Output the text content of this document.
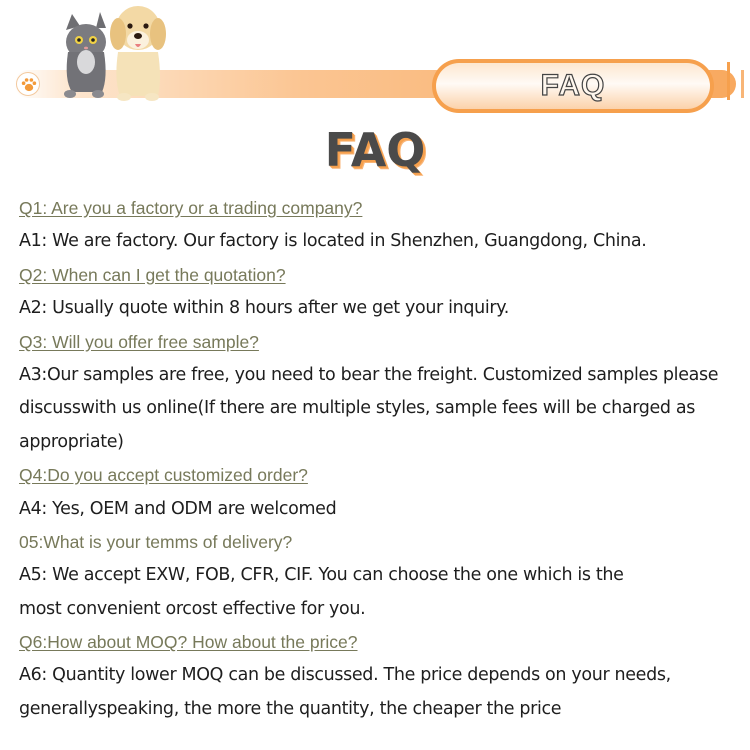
FAQ
FAQ
Q1: Are you a factory or a trading company?
A1: We are factory. Our factory is located in Shenzhen, Guangdong, China.
Q2: When can I get the quotation?
A2: Usually quote within 8 hours after we get your inquiry.
Q3: Will you offer free sample?
A3:Our samples are free, you need to bear the freight. Customized samples please
discusswith us online(If there are multiple styles, sample fees will be charged as
appropriate)
Q4:Do you accept customized order?
A4: Yes, OEM and ODM are welcomed
05:What is your temms of delivery?
A5: We accept EXW, FOB, CFR, CIF. You can choose the one which is the
most convenient orcost effective for you.
Q6:How about MOQ? How about the price?
A6: Quantity lower MOQ can be discussed. The price depends on your needs,
generallyspeaking, the more the quantity, the cheaper the price
